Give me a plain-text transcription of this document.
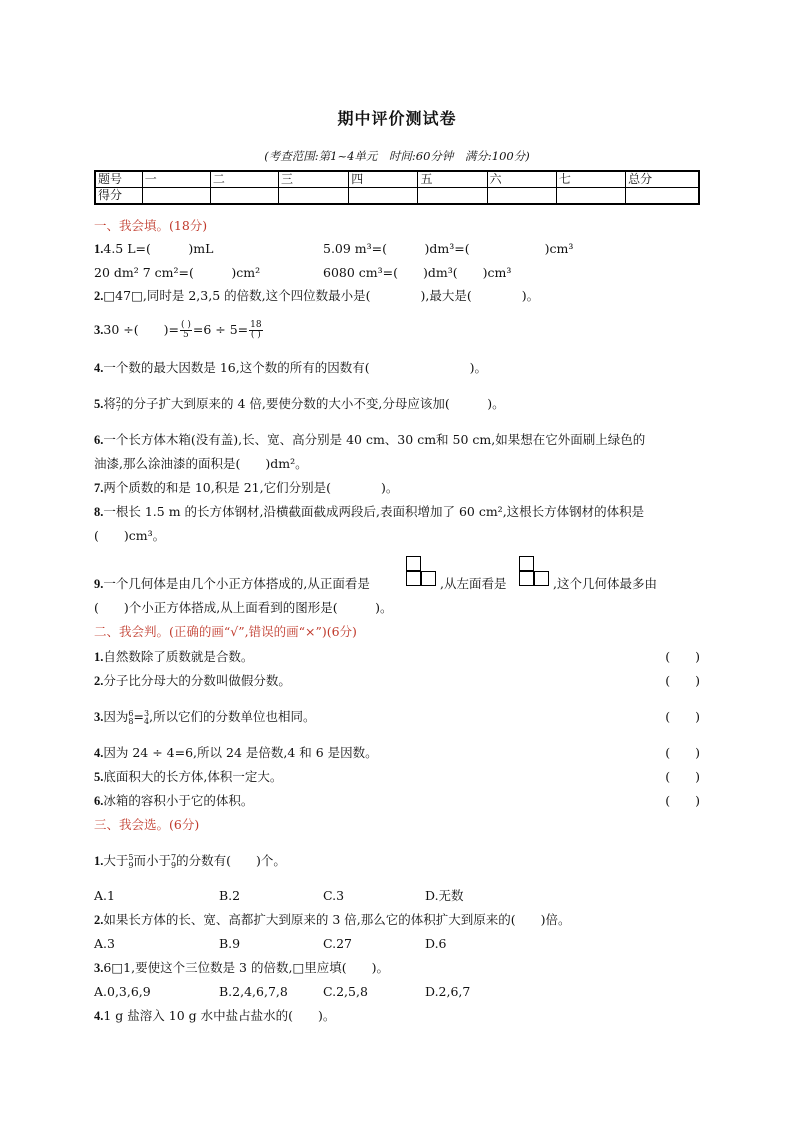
期中评价测试卷
(考查范围:第1~4单元　时间:60分钟　满分:100分)
题号	一	二	三	四	五	六	七	总分
得分								
一、我会填。(18分)
1.4.5 L=(　　　)mL	5.09 m³=(　　　)dm³=(　　　　　　)cm³
20 dm² 7 cm²=(　　　)cm²	6080 cm³=(　　)dm³(　　)cm³
2.□47□,同时是 2,3,5 的倍数,这个四位数最小是(　　　　),最大是(　　　　)。
3.30 ÷(　　)= $\frac{( )}{5} =6 \div 5= \frac{18}{( )}$
4.一个数的最大因数是 16,这个数的所有的因数有(　　　　　　　　)。
5.将 2
7 的分子扩大到原来的 4 倍,要使分数的大小不变,分母应该加(　　　)。
6.一个长方体木箱(没有盖),长、宽、高分别是 40 cm、30 cm和 50 cm,如果想在它外面刷上绿色的
油漆,那么涂油漆的面积是(　　)dm²。
7.两个质数的和是 10,积是 21,它们分别是(　　　　)。
8.一根长 1.5 m 的长方体钢材,沿横截面截成两段后,表面积增加了 60 cm²,这根长方体钢材的体积是
(　　)cm³。
9.一个几何体是由几个小正方体搭成的,从正面看是	,从左面看是	,这个几何体最多由
(　　)个小正方体搭成,从上面看到的图形是(　　　)。
二、我会判。(正确的画“√”,错误的画“×”)(6分)
1.自然数除了质数就是合数。	(　　)
2.分子比分母大的分数叫做假分数。	(　　)
3.因为 6
8 = 3
4 ,所以它们的分数单位也相同。	(　　)
4.因为 24 ÷ 4=6,所以 24 是倍数,4 和 6 是因数。	(　　)
5.底面积大的长方体,体积一定大。	(　　)
6.冰箱的容积小于它的体积。	(　　)
三、我会选。(6分)
1.大于 5
9 而小于 7
9 的分数有(　　)个。
A.1	B.2	C.3	D.无数
2.如果长方体的长、宽、高都扩大到原来的 3 倍,那么它的体积扩大到原来的(　　)倍。
A.3	B.9	C.27	D.6
3.6□1,要使这个三位数是 3 的倍数,□里应填(　　)。
A.0,3,6,9	B.2,4,6,7,8	C.2,5,8	D.2,6,7
4.1 g 盐溶入 10 g 水中盐占盐水的(　　)。
